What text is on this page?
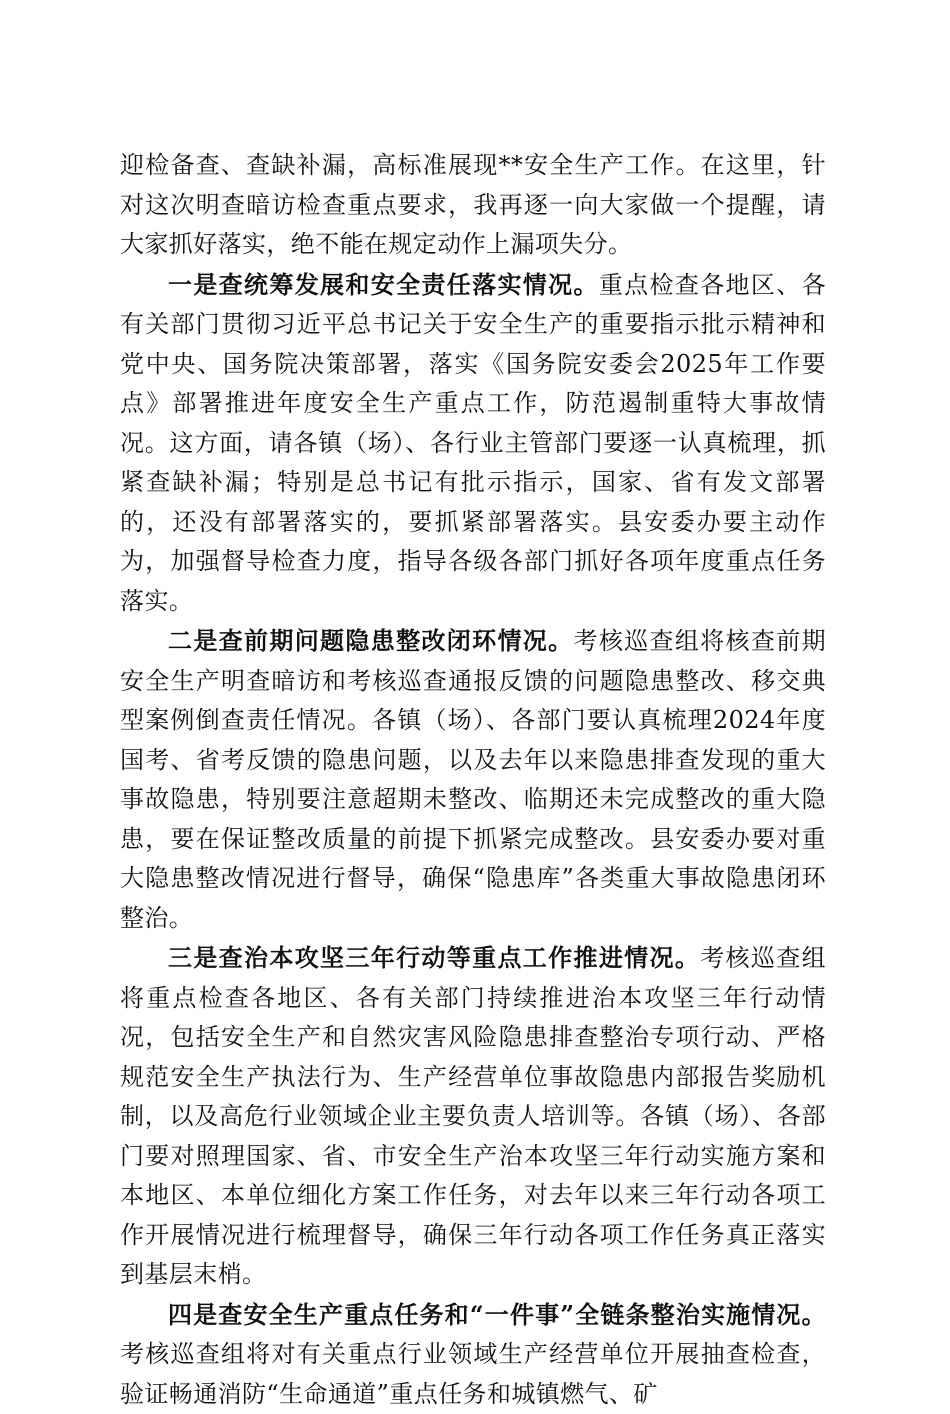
迎检备查、查缺补漏，高标准展现**安全生产工作。在这里，针对这次明查暗访检查重点要求，我再逐一向大家做一个提醒，请大家抓好落实，绝不能在规定动作上漏项失分。

一是查统筹发展和安全责任落实情况。重点检查各地区、各有关部门贯彻习近平总书记关于安全生产的重要指示批示精神和党中央、国务院决策部署，落实《国务院安委会2025年工作要点》部署推进年度安全生产重点工作，防范遏制重特大事故情况。这方面，请各镇（场）、各行业主管部门要逐一认真梳理，抓紧查缺补漏；特别是总书记有批示指示，国家、省有发文部署的，还没有部署落实的，要抓紧部署落实。县安委办要主动作为，加强督导检查力度，指导各级各部门抓好各项年度重点任务落实。

二是查前期问题隐患整改闭环情况。考核巡查组将核查前期安全生产明查暗访和考核巡查通报反馈的问题隐患整改、移交典型案例倒查责任情况。各镇（场）、各部门要认真梳理2024年度国考、省考反馈的隐患问题，以及去年以来隐患排查发现的重大事故隐患，特别要注意超期未整改、临期还未完成整改的重大隐患，要在保证整改质量的前提下抓紧完成整改。县安委办要对重大隐患整改情况进行督导，确保“隐患库”各类重大事故隐患闭环整治。

三是查治本攻坚三年行动等重点工作推进情况。考核巡查组将重点检查各地区、各有关部门持续推进治本攻坚三年行动情况，包括安全生产和自然灾害风险隐患排查整治专项行动、严格规范安全生产执法行为、生产经营单位事故隐患内部报告奖励机制，以及高危行业领域企业主要负责人培训等。各镇（场）、各部门要对照理国家、省、市安全生产治本攻坚三年行动实施方案和本地区、本单位细化方案工作任务，对去年以来三年行动各项工作开展情况进行梳理督导，确保三年行动各项工作任务真正落实到基层末梢。

四是查安全生产重点任务和“一件事”全链条整治实施情况。考核巡查组将对有关重点行业领域生产经营单位开展抽查检查，验证畅通消防“生命通道”重点任务和城镇燃气、矿
